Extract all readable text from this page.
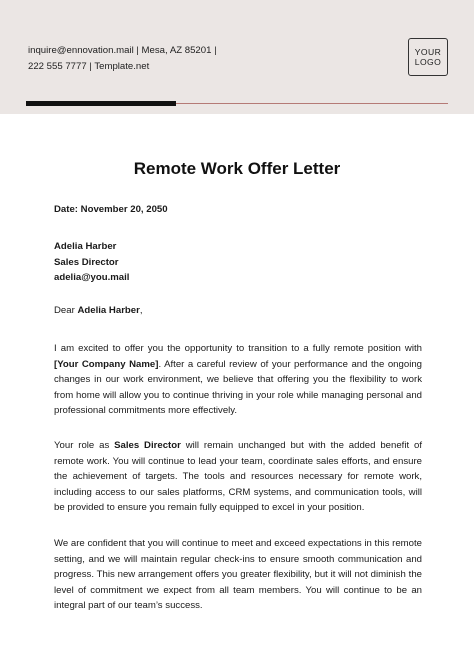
inquire@ennovation.mail | Mesa, AZ 85201 |
222 555 7777 | Template.net
YOUR
LOGO
Remote Work Offer Letter
Date: November 20, 2050
Adelia Harber
Sales Director
adelia@you.mail
Dear Adelia Harber,
I am excited to offer you the opportunity to transition to a fully remote position with [Your Company Name]. After a careful review of your performance and the ongoing changes in our work environment, we believe that offering you the flexibility to work from home will allow you to continue thriving in your role while managing personal and professional commitments more effectively.
Your role as Sales Director will remain unchanged but with the added benefit of remote work. You will continue to lead your team, coordinate sales efforts, and ensure the achievement of targets. The tools and resources necessary for remote work, including access to our sales platforms, CRM systems, and communication tools, will be provided to ensure you remain fully equipped to excel in your position.
We are confident that you will continue to meet and exceed expectations in this remote setting, and we will maintain regular check-ins to ensure smooth communication and progress. This new arrangement offers you greater flexibility, but it will not diminish the level of commitment we expect from all team members. You will continue to be an integral part of our team’s success.
